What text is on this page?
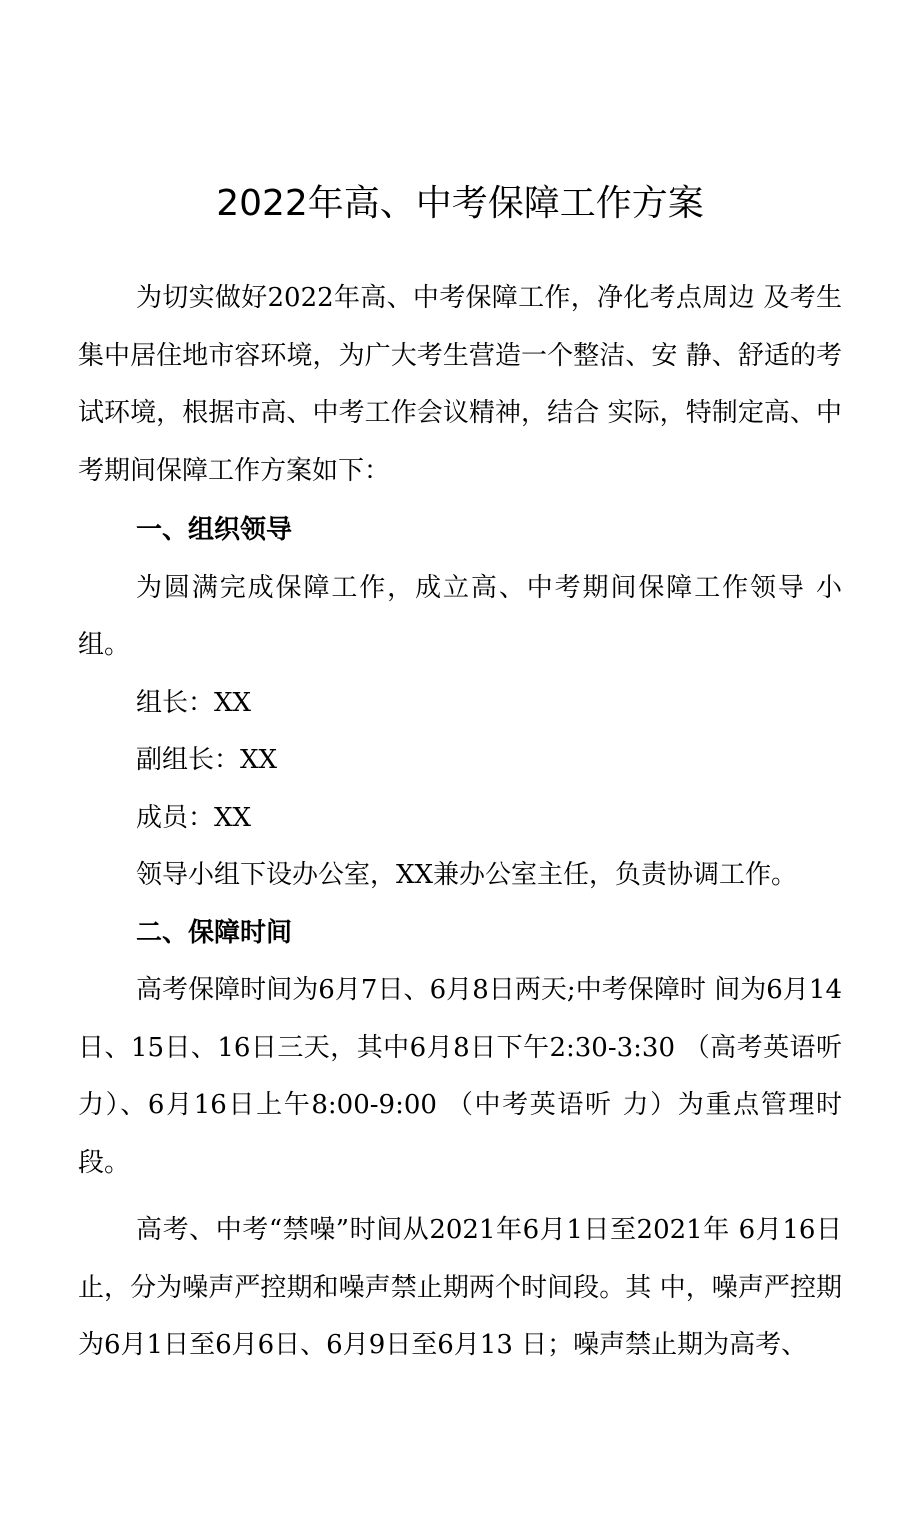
2022年高、中考保障工作方案

为切实做好2022年高、中考保障工作，净化考点周边 及考生集中居住地市容环境，为广大考生营造一个整洁、安 静、舒适的考试环境，根据市高、中考工作会议精神，结合 实际，特制定高、中考期间保障工作方案如下：

一、组织领导

为圆满完成保障工作，成立高、中考期间保障工作领导 小组。

组长：XX

副组长：XX

成员：XX

领导小组下设办公室，XX兼办公室主任，负责协调工作。

二、保障时间

高考保障时间为6月7日、6月8日两天;中考保障时 间为6月14日、15日、16日三天，其中6月8日下午2:30-3:30 （高考英语听力）、6月16日上午8:00-9:00 （中考英语听 力）为重点管理时段。

高考、中考“禁噪”时间从2021年6月1日至2021年 6月16日止，分为噪声严控期和噪声禁止期两个时间段。其 中，噪声严控期为6月1日至6月6日、6月9日至6月13 日；噪声禁止期为高考、
